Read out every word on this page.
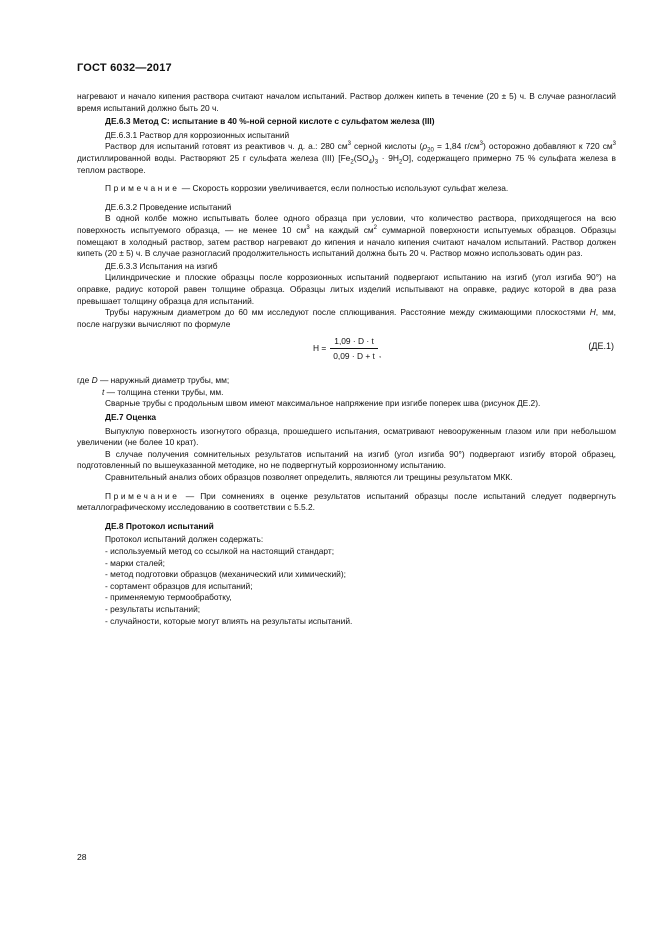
ГОСТ 6032—2017

нагревают и начало кипения раствора считают началом испытаний. Раствор должен кипеть в течение (20 ± 5) ч. В случае разногласий время испытаний должно быть 20 ч.

ДЕ.6.3 Метод С: испытание в 40 %-ной серной кислоте с сульфатом железа (III)

ДЕ.6.3.1 Раствор для коррозионных испытаний

Раствор для испытаний готовят из реактивов ч. д. а.: 280 $см^3$ серной кислоты ($\rho_{20} = 1,84$ $г/см^3$) осторожно добавляют к 720 $см^3$ дистиллированной воды. Растворяют 25 г сульфата железа (III) $[Fe_2(SO_4)_3 \cdot 9H_2O]$, содержащего примерно 75 % сульфата железа в теплом растворе.

Примечание — Скорость коррозии увеличивается, если полностью используют сульфат железа.

ДЕ.6.3.2 Проведение испытаний

В одной колбе можно испытывать более одного образца при условии, что количество раствора, приходящегося на всю поверхность испытуемого образца, — не менее 10 $см^3$ на каждый $см^2$ суммарной поверхности испытуемых образцов. Образцы помещают в холодный раствор, затем раствор нагревают до кипения и начало кипения считают началом испытаний. Раствор должен кипеть (20 ± 5) ч. В случае разногласий продолжительность испытаний должна быть 20 ч. Раствор можно использовать один раз.

ДЕ.6.3.3 Испытания на изгиб

Цилиндрические и плоские образцы после коррозионных испытаний подвергают испытанию на изгиб (угол изгиба 90°) на оправке, радиус которой равен толщине образца. Образцы литых изделий испытывают на оправке, радиус которой в два раза превышает толщину образца для испытаний.

Трубы наружным диаметром до 60 мм исследуют после сплющивания. Расстояние между сжимающими плоскостями H, мм, после нагрузки вычисляют по формуле

$H = \frac{1,09 \cdot D \cdot t}{0,09 \cdot D + t}$ ,
(ДЕ.1)

где D — наружный диаметр трубы, мм;

t — толщина стенки трубы, мм.

Сварные трубы с продольным швом имеют максимальное напряжение при изгибе поперек шва (рисунок ДЕ.2).

ДЕ.7 Оценка

Выпуклую поверхность изогнутого образца, прошедшего испытания, осматривают невооруженным глазом или при небольшом увеличении (не более 10 крат).

В случае получения сомнительных результатов испытаний на изгиб (угол изгиба 90°) подвергают изгибу второй образец, подготовленный по вышеуказанной методике, но не подвергнутый коррозионному испытанию.

Сравнительный анализ обоих образцов позволяет определить, являются ли трещины результатом МКК.

Примечание — При сомнениях в оценке результатов испытаний образцы после испытаний следует подвергнуть металлографическому исследованию в соответствии с 5.5.2.

ДЕ.8 Протокол испытаний

Протокол испытаний должен содержать:

- используемый метод со ссылкой на настоящий стандарт;

- марки сталей;

- метод подготовки образцов (механический или химический);

- сортамент образцов для испытаний;

- применяемую термообработку,

- результаты испытаний;

- случайности, которые могут влиять на результаты испытаний.

28
